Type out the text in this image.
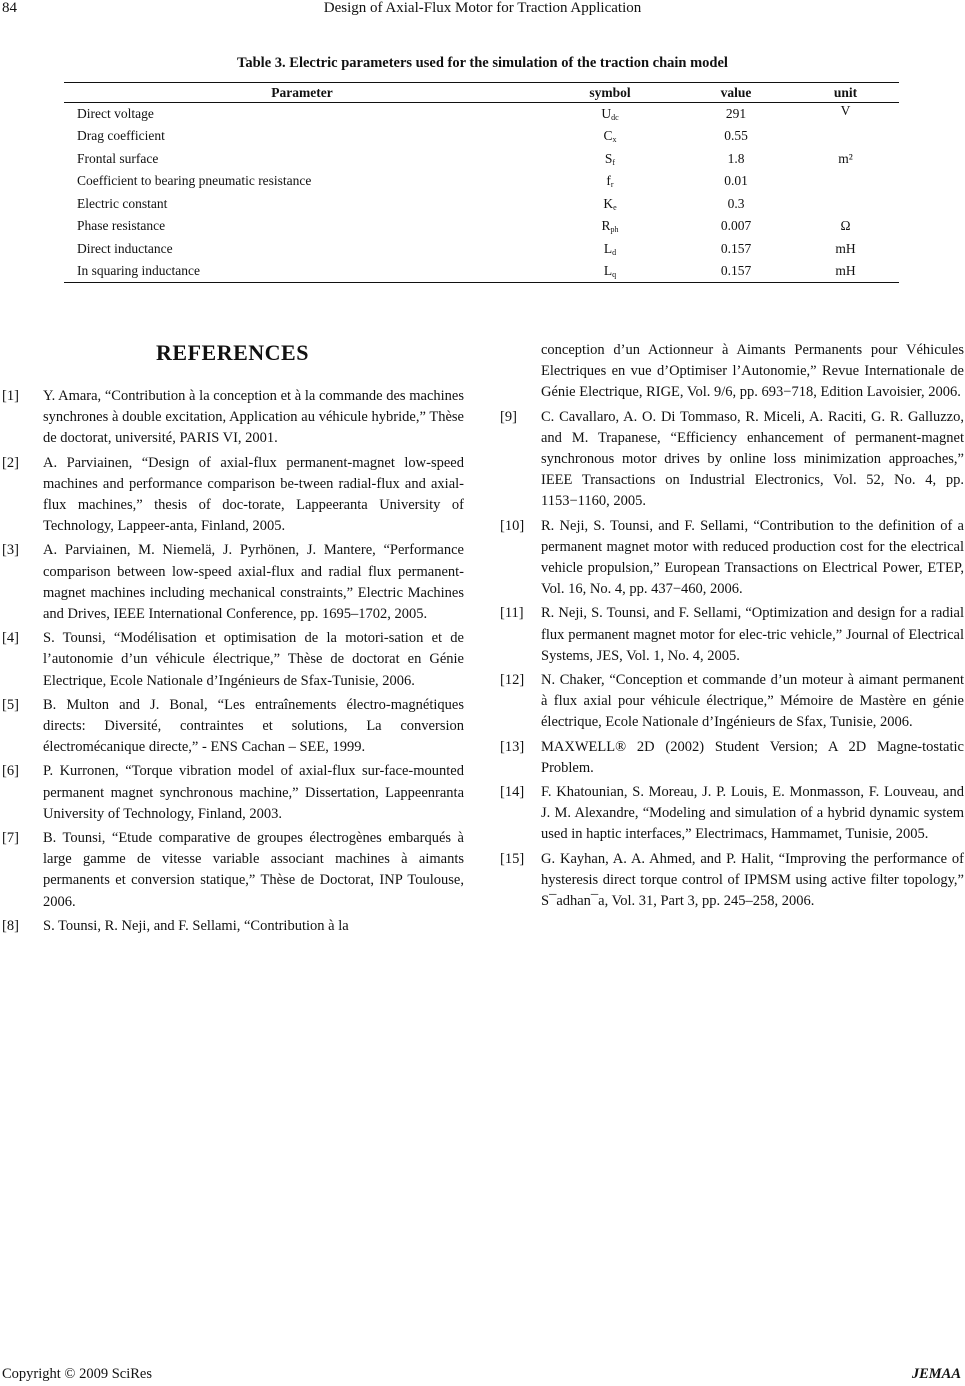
84	Design of Axial-Flux Motor for Traction Application
Table 3. Electric parameters used for the simulation of the traction chain model
Parameter	symbol	value	unit
Direct voltage	$U_{dc}$	291	V
Drag coefficient	$C_x$	0.55	
Frontal surface	$S_f$	1.8	m²
Coefficient to bearing pneumatic resistance	$f_r$	0.01	
Electric constant	$K_e$	0.3	
Phase resistance	$R_{ph}$	0.007	Ω
Direct inductance	$L_d$	0.157	mH
In squaring inductance	$L_q$	0.157	mH
REFERENCES
[1] Y. Amara, “Contribution à la conception et à la commande des machines synchrones à double excitation, Application au véhicule hybride,” Thèse de doctorat, université, PARIS VI, 2001.
[2] A. Parviainen, “Design of axial-flux permanent-magnet low-speed machines and performance comparison be-tween radial-flux and axial-flux machines,” thesis of doc-torate, Lappeeranta University of Technology, Lappeer-anta, Finland, 2005.
[3] A. Parviainen, M. Niemelä, J. Pyrhönen, J. Mantere, “Performance comparison between low-speed axial-flux and radial flux permanent-magnet machines including mechanical constraints,” Electric Machines and Drives, IEEE International Conference, pp. 1695–1702, 2005.
[4] S. Tounsi, “Modélisation et optimisation de la motori-sation et de l’autonomie d’un véhicule électrique,” Thèse de doctorat en Génie Electrique, Ecole Nationale d’Ingénieurs de Sfax-Tunisie, 2006.
[5] B. Multon and J. Bonal, “Les entraînements électro-magnétiques directs: Diversité, contraintes et solutions, La conversion électromécanique directe,” - ENS Cachan – SEE, 1999.
[6] P. Kurronen, “Torque vibration model of axial-flux sur-face-mounted permanent magnet synchronous machine,” Dissertation, Lappeenranta University of Technology, Finland, 2003.
[7] B. Tounsi, “Etude comparative de groupes électrogènes embarqués à large gamme de vitesse variable associant machines à aimants permanents et conversion statique,” Thèse de Doctorat, INP Toulouse, 2006.
[8] S. Tounsi, R. Neji, and F. Sellami, “Contribution à la
conception d’un Actionneur à Aimants Permanents pour Véhicules Electriques en vue d’Optimiser l’Autonomie,” Revue Internationale de Génie Electrique, RIGE, Vol. 9/6, pp. 693−718, Edition Lavoisier, 2006.
[9] C. Cavallaro, A. O. Di Tommaso, R. Miceli, A. Raciti, G. R. Galluzzo, and M. Trapanese, “Efficiency enhancement of permanent-magnet synchronous motor drives by online loss minimization approaches,” IEEE Transactions on Industrial Electronics, Vol. 52, No. 4, pp. 1153−1160, 2005.
[10] R. Neji, S. Tounsi, and F. Sellami, “Contribution to the definition of a permanent magnet motor with reduced production cost for the electrical vehicle propulsion,” European Transactions on Electrical Power, ETEP, Vol. 16, No. 4, pp. 437−460, 2006.
[11] R. Neji, S. Tounsi, and F. Sellami, “Optimization and design for a radial flux permanent magnet motor for elec-tric vehicle,” Journal of Electrical Systems, JES, Vol. 1, No. 4, 2005.
[12] N. Chaker, “Conception et commande d’un moteur à aimant permanent à flux axial pour véhicule électrique,” Mémoire de Mastère en génie électrique, Ecole Nationale d’Ingénieurs de Sfax, Tunisie, 2006.
[13] MAXWELL® 2D (2002) Student Version; A 2D Magne-tostatic Problem.
[14] F. Khatounian, S. Moreau, J. P. Louis, E. Monmasson, F. Louveau, and J. M. Alexandre, “Modeling and simulation of a hybrid dynamic system used in haptic interfaces,” Electrimacs, Hammamet, Tunisie, 2005.
[15] G. Kayhan, A. A. Ahmed, and P. Halit, “Improving the performance of hysteresis direct torque control of IPMSM using active filter topology,” S¯adhan¯a, Vol. 31, Part 3, pp. 245–258, 2006.
Copyright © 2009 SciRes	JEMAA
